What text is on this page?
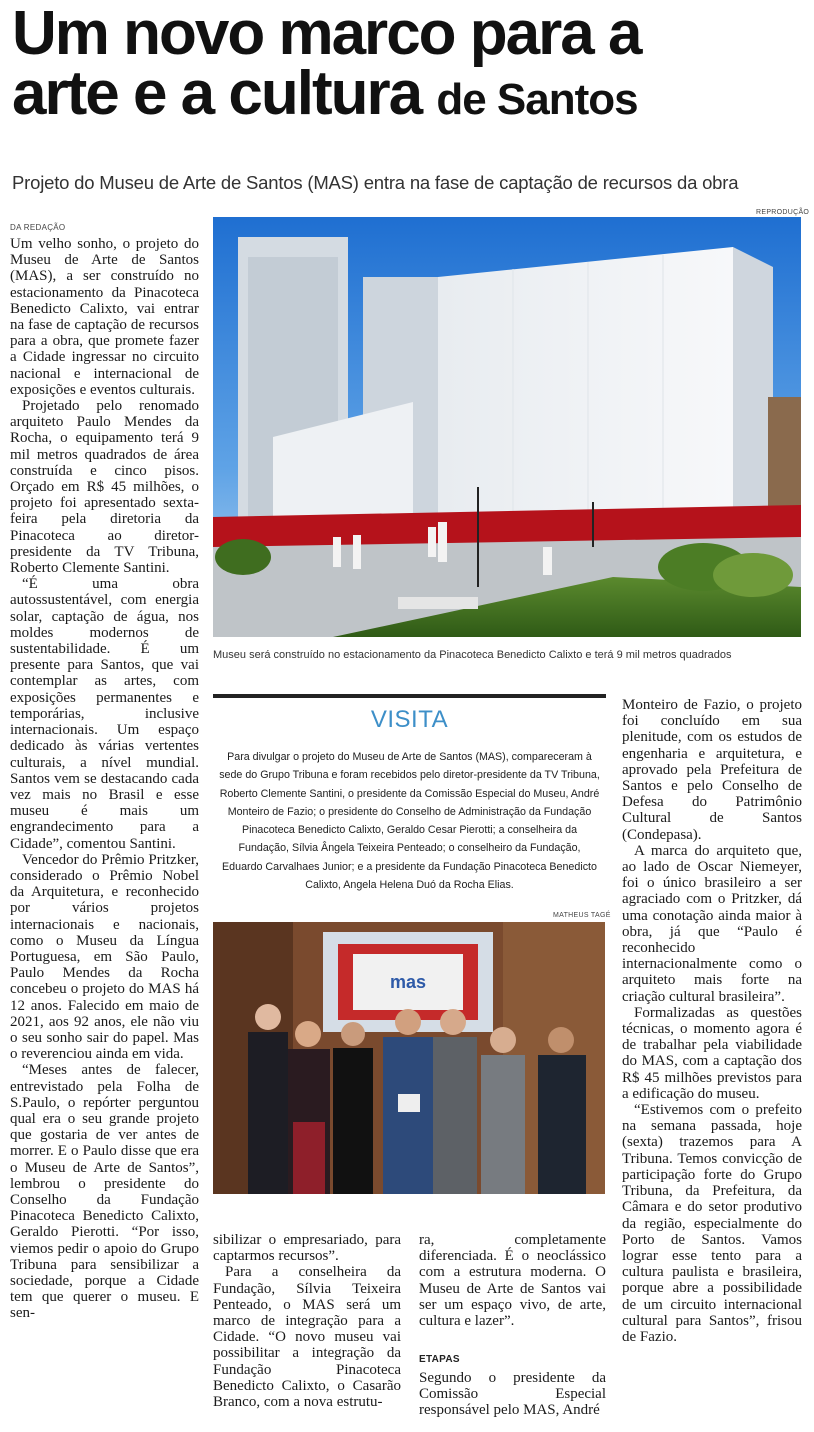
Um novo marco para a
arte e a cultura de Santos
Projeto do Museu de Arte de Santos (MAS) entra na fase de captação de recursos da obra
DA REDAÇÃO
REPRODUÇÃO
Museu será construído no estacionamento da Pinacoteca Benedicto Calixto e terá 9 mil metros quadrados

Um velho sonho, o projeto do Museu de Arte de Santos (MAS), a ser construído no estacionamento da Pinacoteca Benedicto Calixto, vai entrar na fase de captação de recursos para a obra, que promete fazer a Cidade ingressar no circuito nacional e internacional de exposições e eventos culturais.

Projetado pelo renomado arquiteto Paulo Mendes da Rocha, o equipamento terá 9 mil metros quadrados de área construída e cinco pisos. Orçado em R$ 45 milhões, o projeto foi apresentado sexta-feira pela diretoria da Pinacoteca ao diretor-presidente da TV Tribuna, Roberto Clemente Santini.

“É uma obra autossustentável, com energia solar, captação de água, nos moldes modernos de sustentabilidade. É um presente para Santos, que vai contemplar as artes, com exposições permanentes e temporárias, inclusive internacionais. Um espaço dedicado às várias vertentes culturais, a nível mundial. Santos vem se destacando cada vez mais no Brasil e esse museu é mais um engrandecimento para a Cidade”, comentou Santini.

Vencedor do Prêmio Pritzker, considerado o Prêmio Nobel da Arquitetura, e reconhecido por vários projetos internacionais e nacionais, como o Museu da Língua Portuguesa, em São Paulo, Paulo Mendes da Rocha concebeu o projeto do MAS há 12 anos. Falecido em maio de 2021, aos 92 anos, ele não viu o seu sonho sair do papel. Mas o reverenciou ainda em vida.

“Meses antes de falecer, entrevistado pela Folha de S.Paulo, o repórter perguntou qual era o seu grande projeto que gostaria de ver antes de morrer. E o Paulo disse que era o Museu de Arte de Santos”, lembrou o presidente do Conselho da Fundação Pinacoteca Benedicto Calixto, Geraldo Pierotti. “Por isso, viemos pedir o apoio do Grupo Tribuna para sensibilizar a sociedade, porque a Cidade tem que querer o museu. E sen-

VISITA
Para divulgar o projeto do Museu de Arte de Santos (MAS), compareceram à sede do Grupo Tribuna e foram recebidos pelo diretor-presidente da TV Tribuna, Roberto Clemente Santini, o presidente da Comissão Especial do Museu, André Monteiro de Fazio; o presidente do Conselho de Administração da Fundação Pinacoteca Benedicto Calixto, Geraldo Cesar Pierotti; a conselheira da Fundação, Sílvia Ângela Teixeira Penteado; o conselheiro da Fundação, Eduardo Carvalhaes Junior; e a presidente da Fundação Pinacoteca Benedicto Calixto, Angela Helena Duó da Rocha Elias.
MATHEUS TAGÉ
mas

sibilizar o empresariado, para captarmos recursos”.

Para a conselheira da Fundação, Sílvia Teixeira Penteado, o MAS será um marco de integração para a Cidade. “O novo museu vai possibilitar a integração da Fundação Pinacoteca Benedicto Calixto, o Casarão Branco, com a nova estrutu-

ra, completamente diferenciada. É o neoclássico com a estrutura moderna. O Museu de Arte de Santos vai ser um espaço vivo, de arte, cultura e lazer”.

ETAPAS

Segundo o presidente da Comissão Especial responsável pelo MAS, André

Monteiro de Fazio, o projeto foi concluído em sua plenitude, com os estudos de engenharia e arquitetura, e aprovado pela Prefeitura de Santos e pelo Conselho de Defesa do Patrimônio Cultural de Santos (Condepasa).

A marca do arquiteto que, ao lado de Oscar Niemeyer, foi o único brasileiro a ser agraciado com o Pritzker, dá uma conotação ainda maior à obra, já que “Paulo é reconhecido internacionalmente como o arquiteto mais forte na criação cultural brasileira”.

Formalizadas as questões técnicas, o momento agora é de trabalhar pela viabilidade do MAS, com a captação dos R$ 45 milhões previstos para a edificação do museu.

“Estivemos com o prefeito na semana passada, hoje (sexta) trazemos para A Tribuna. Temos convicção de participação forte do Grupo Tribuna, da Prefeitura, da Câmara e do setor produtivo da região, especialmente do Porto de Santos. Vamos lograr esse tento para a cultura paulista e brasileira, porque abre a possibilidade de um circuito internacional cultural para Santos”, frisou de Fazio.
